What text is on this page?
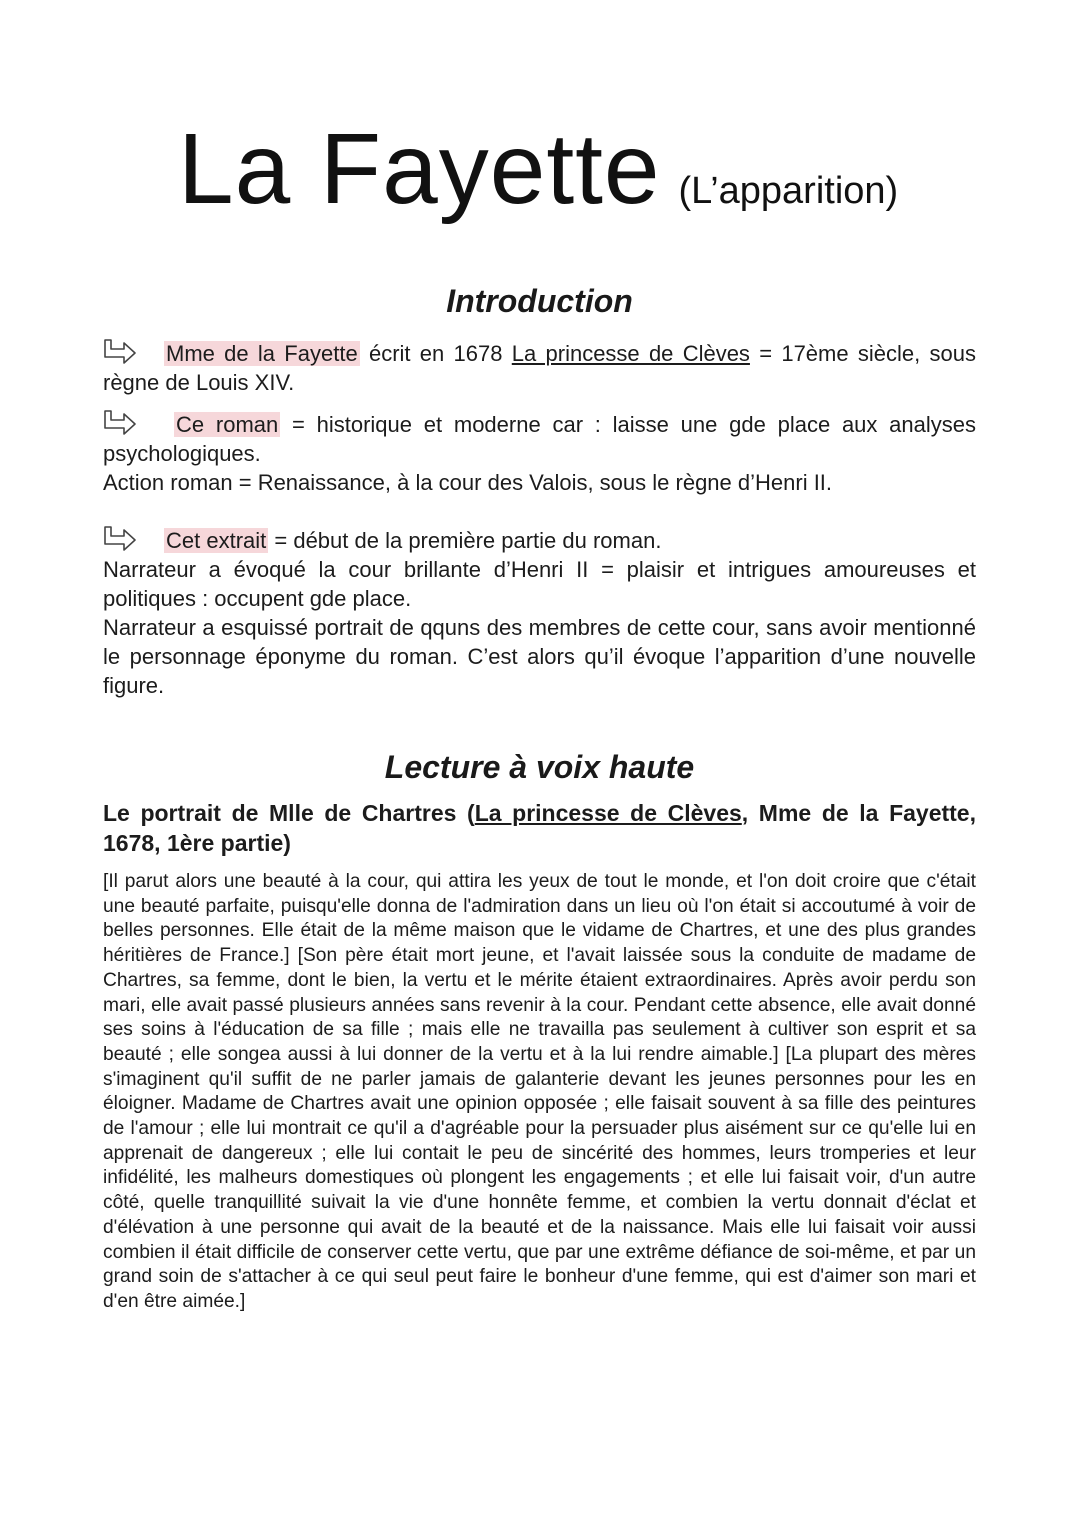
La Fayette (L’apparition)
Introduction

Mme de la Fayette écrit en 1678 La princesse de Clèves = 17ème siècle, sous règne de Louis XIV.

Ce roman = historique et moderne car : laisse une gde place aux analyses psychologiques.
Action roman = Renaissance, à la cour des Valois, sous le règne d’Henri II.

Cet extrait = début de la première partie du roman.
Narrateur a évoqué la cour brillante d’Henri II = plaisir et intrigues amoureuses et politiques : occupent gde place.
Narrateur a esquissé portrait de qquns des membres de cette cour, sans avoir mentionné le personnage éponyme du roman. C’est alors qu’il évoque l’apparition d’une nouvelle figure.

Lecture à voix haute

Le portrait de Mlle de Chartres (La princesse de Clèves, Mme de la Fayette, 1678, 1ère partie)

[Il parut alors une beauté à la cour, qui attira les yeux de tout le monde, et l'on doit croire que c'était une beauté parfaite, puisqu'elle donna de l'admiration dans un lieu où l'on était si accoutumé à voir de belles personnes. Elle était de la même maison que le vidame de Chartres, et une des plus grandes héritières de France.] [Son père était mort jeune, et l'avait laissée sous la conduite de madame de Chartres, sa femme, dont le bien, la vertu et le mérite étaient extraordinaires. Après avoir perdu son mari, elle avait passé plusieurs années sans revenir à la cour. Pendant cette absence, elle avait donné ses soins à l'éducation de sa fille ; mais elle ne travailla pas seulement à cultiver son esprit et sa beauté ; elle songea aussi à lui donner de la vertu et à la lui rendre aimable.] [La plupart des mères s'imaginent qu'il suffit de ne parler jamais de galanterie devant les jeunes personnes pour les en éloigner. Madame de Chartres avait une opinion opposée ; elle faisait souvent à sa fille des peintures de l'amour ; elle lui montrait ce qu'il a d'agréable pour la persuader plus aisément sur ce qu'elle lui en apprenait de dangereux ; elle lui contait le peu de sincérité des hommes, leurs tromperies et leur infidélité, les malheurs domestiques où plongent les engagements ; et elle lui faisait voir, d'un autre côté, quelle tranquillité suivait la vie d'une honnête femme, et combien la vertu donnait d'éclat et d'élévation à une personne qui avait de la beauté et de la naissance. Mais elle lui faisait voir aussi combien il était difficile de conserver cette vertu, que par une extrême défiance de soi-même, et par un grand soin de s'attacher à ce qui seul peut faire le bonheur d'une femme, qui est d'aimer son mari et d'en être aimée.]
